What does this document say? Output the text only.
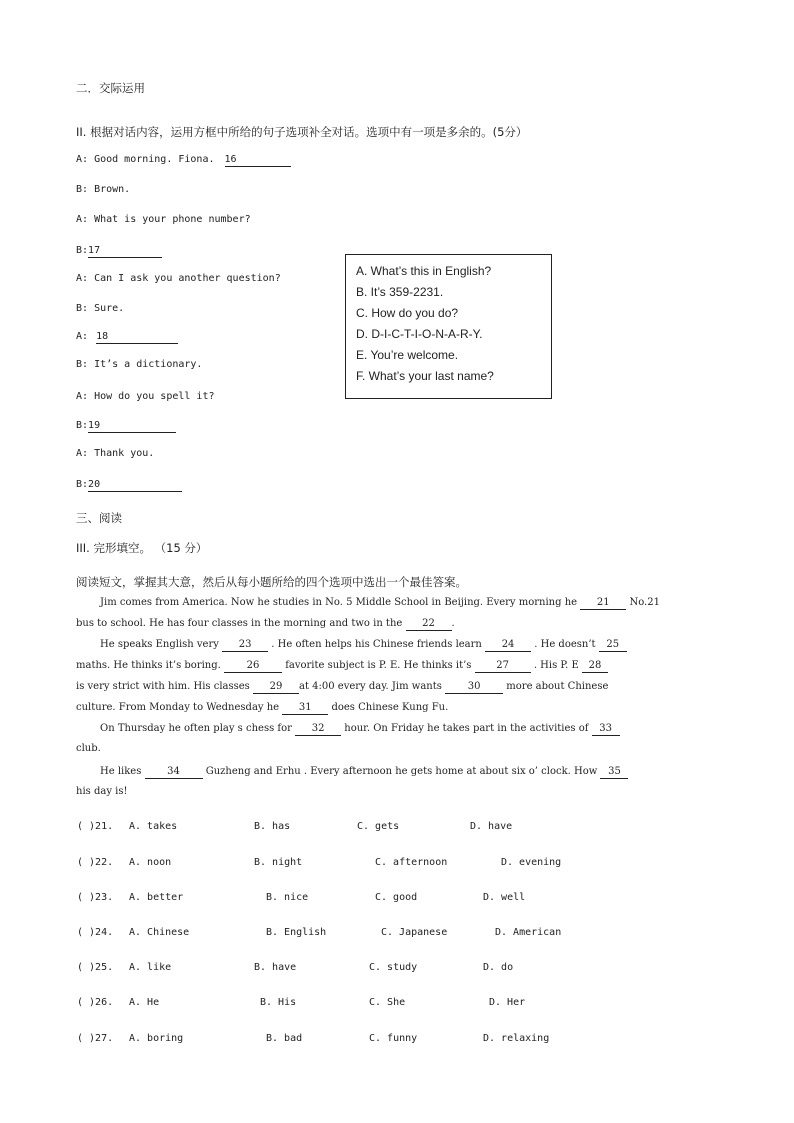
二．交际运用
II. 根据对话内容，运用方框中所给的句子选项补全对话。选项中有一项是多余的。(5分）
A: Good morning. Fiona. 16
B: Brown.
A: What is your phone number?
B:17
A: Can I ask you another question?
B: Sure.
A: 18
B: It’s a dictionary.
A: How do you spell it?
B:19
A: Thank you.
B:20
A. What’s this in English?
B. It’s 359-2231.
C. How do you do?
D. D-I-C-T-I-O-N-A-R-Y.
E. You’re welcome.
F. What’s your last name?
三、阅读
III. 完形填空。 （15 分）
阅读短文，掌握其大意，然后从每小题所给的四个选项中选出一个最佳答案。
Jim comes from America. Now he studies in No. 5 Middle School in Beijing. Every morning he 21 No.21
bus to school. He has four classes in the morning and two in the 22 .
He speaks English very 23 . He often helps his Chinese friends learn 24 . He doesn’t 25
maths. He thinks it’s boring.	26	favorite subject is P. E. He thinks it’s 27 . His P. E 28
is very strict with him. His classes 29 at 4:00 every day. Jim wants	30	more about Chinese
culture. From Monday to Wednesday he 31 does Chinese Kung Fu.
On Thursday he often play s chess for 32 hour. On Friday he takes part in the activities of 33
club.
He likes	34	Guzheng and Erhu . Every afternoon he gets home at about six o’ clock. How 35
his day is!
( )21. A. takes	B. has	C. gets	D. have
( )22. A. noon	B. night	C. afternoon	D. evening
( )23. A. better	B. nice	C. good	D. well
( )24. A. Chinese	B. English	C. Japanese	D. American
( )25. A. like	B. have	C. study	D. do
( )26. A. He	B. His	C. She	D. Her
( )27. A. boring	B. bad	C. funny	D. relaxing
